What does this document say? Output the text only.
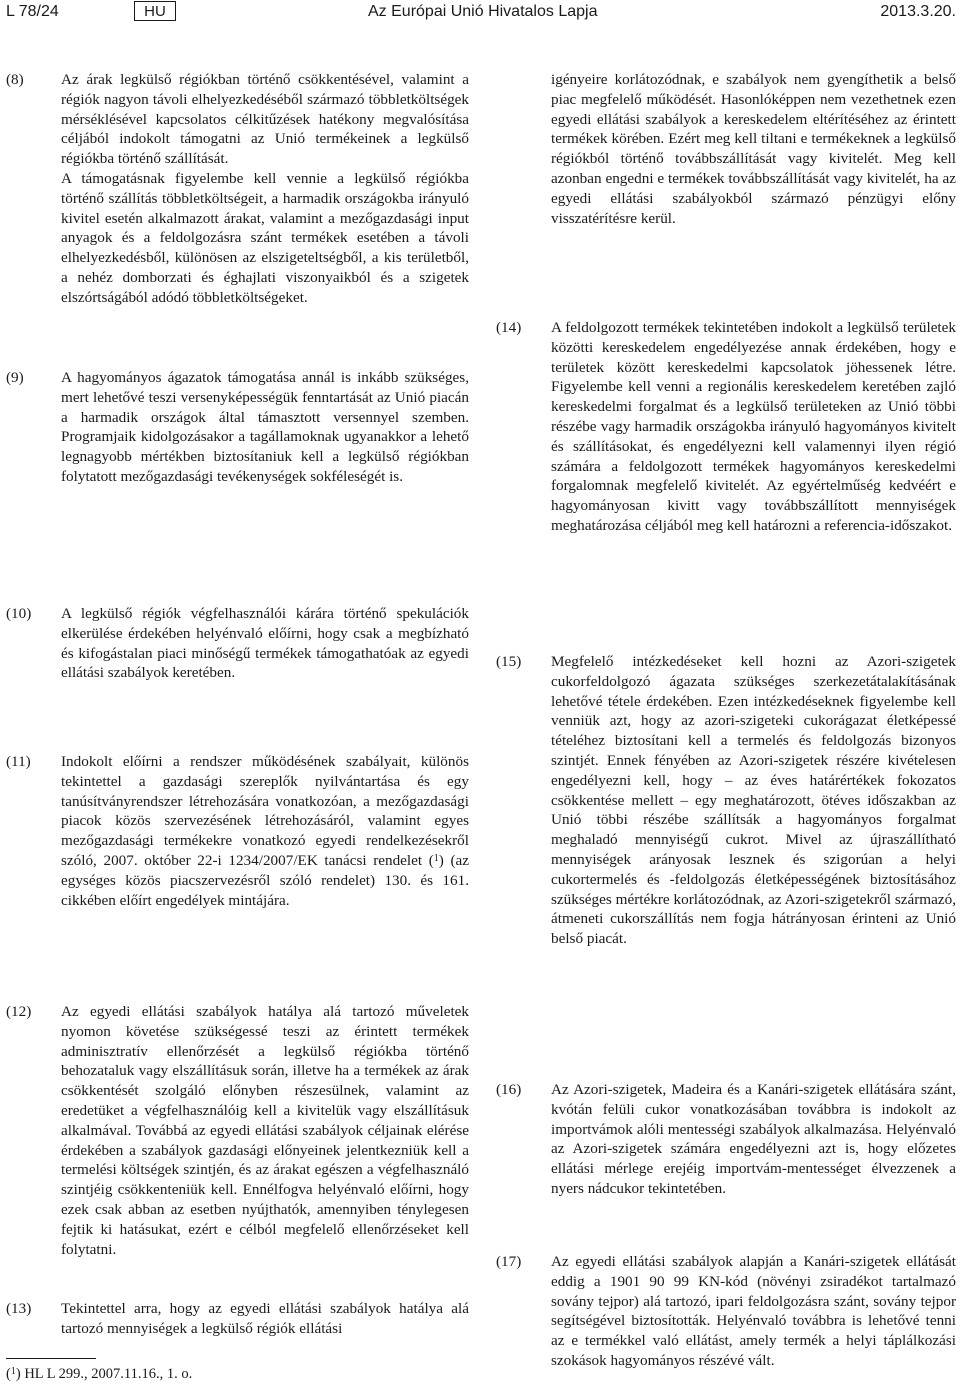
L 78/24	HU	Az Európai Unió Hivatalos Lapja	2013.3.20.
(8) Az árak legkülső régiókban történő csökkentésével, valamint a régiók nagyon távoli elhelyezkedéséből származó többletköltségek mérséklésével kapcsolatos célkitűzések hatékony megvalósítása céljából indokolt támogatni az Unió termékeinek a legkülső régiókba történő szállítását.

A támogatásnak figyelembe kell vennie a legkülső régiókba történő szállítás többletköltségeit, a harmadik országokba irányuló kivitel esetén alkalmazott árakat, valamint a mezőgazdasági input anyagok és a feldolgozásra szánt termékek esetében a távoli elhelyezkedésből, különösen az elszigeteltségből, a kis területből, a nehéz domborzati és éghajlati viszonyaikból és a szigetek elszórtságából adódó többletköltségeket.

(9) A hagyományos ágazatok támogatása annál is inkább szükséges, mert lehetővé teszi versenyképességük fenntartását az Unió piacán a harmadik országok által támasztott versennyel szemben. Programjaik kidolgozásakor a tagállamoknak ugyanakkor a lehető legnagyobb mértékben biztosítaniuk kell a legkülső régiókban folytatott mezőgazdasági tevékenységek sokféleségét is.

(10) A legkülső régiók végfelhasználói kárára történő spekulációk elkerülése érdekében helyénvaló előírni, hogy csak a megbízható és kifogástalan piaci minőségű termékek támogathatóak az egyedi ellátási szabályok keretében.

(11) Indokolt előírni a rendszer működésének szabályait, különös tekintettel a gazdasági szereplők nyilvántartása és egy tanúsítványrendszer létrehozására vonatkozóan, a mezőgazdasági piacok közös szervezésének létrehozásáról, valamint egyes mezőgazdasági termékekre vonatkozó egyedi rendelkezésekről szóló, 2007. október 22-i 1234/2007/EK tanácsi rendelet ($^1$) (az egységes közös piacszervezésről szóló rendelet) 130. és 161. cikkében előírt engedélyek mintájára.

(12) Az egyedi ellátási szabályok hatálya alá tartozó műveletek nyomon követése szükségessé teszi az érintett termékek adminisztratív ellenőrzését a legkülső régiókba történő behozataluk vagy elszállításuk során, illetve ha a termékek az árak csökkentését szolgáló előnyben részesülnek, valamint az eredetüket a végfelhasználóig kell a kivitelük vagy elszállításuk alkalmával. Továbbá az egyedi ellátási szabályok céljainak elérése érdekében a szabályok gazdasági előnyeinek jelentkezniük kell a termelési költségek szintjén, és az árakat egészen a végfelhasználó szintjéig csökkenteniük kell. Ennélfogva helyénvaló előírni, hogy ezek csak abban az esetben nyújthatók, amennyiben ténylegesen fejtik ki hatásukat, ezért e célból megfelelő ellenőrzéseket kell folytatni.

(13) Tekintettel arra, hogy az egyedi ellátási szabályok hatálya alá tartozó mennyiségek a legkülső régiók ellátási

igényeire korlátozódnak, e szabályok nem gyengíthetik a belső piac megfelelő működését. Hasonlóképpen nem vezethetnek ezen egyedi ellátási szabályok a kereskedelem eltérítéséhez az érintett termékek körében. Ezért meg kell tiltani e termékeknek a legkülső régiókból történő továbbszállítását vagy kivitelét. Meg kell azonban engedni e termékek továbbszállítását vagy kivitelét, ha az egyedi ellátási szabályokból származó pénzügyi előny visszatérítésre kerül.

(14) A feldolgozott termékek tekintetében indokolt a legkülső területek közötti kereskedelem engedélyezése annak érdekében, hogy e területek között kereskedelmi kapcsolatok jöhessenek létre. Figyelembe kell venni a regionális kereskedelem keretében zajló kereskedelmi forgalmat és a legkülső területeken az Unió többi részébe vagy harmadik országokba irányuló hagyományos kivitelt és szállításokat, és engedélyezni kell valamennyi ilyen régió számára a feldolgozott termékek hagyományos kereskedelmi forgalomnak megfelelő kivitelét. Az egyértelműség kedvéért e hagyományosan kivitt vagy továbbszállított mennyiségek meghatározása céljából meg kell határozni a referencia-időszakot.

(15) Megfelelő intézkedéseket kell hozni az Azori-szigetek cukorfeldolgozó ágazata szükséges szerkezetátalakításának lehetővé tétele érdekében. Ezen intézkedéseknek figyelembe kell venniük azt, hogy az azori-szigeteki cukorágazat életképessé tételéhez biztosítani kell a termelés és feldolgozás bizonyos szintjét. Ennek fényében az Azori-szigetek részére kivételesen engedélyezni kell, hogy – az éves határértékek fokozatos csökkentése mellett – egy meghatározott, ötéves időszakban az Unió többi részébe szállítsák a hagyományos forgalmat meghaladó mennyiségű cukrot. Mivel az újraszállítható mennyiségek arányosak lesznek és szigorúan a helyi cukortermelés és -feldolgozás életképességének biztosításához szükséges mértékre korlátozódnak, az Azori-szigetekről származó, átmeneti cukorszállítás nem fogja hátrányosan érinteni az Unió belső piacát.

(16) Az Azori-szigetek, Madeira és a Kanári-szigetek ellátására szánt, kvótán felüli cukor vonatkozásában továbbra is indokolt az importvámok alóli mentességi szabályok alkalmazása. Helyénvaló az Azori-szigetek számára engedélyezni azt is, hogy előzetes ellátási mérlege erejéig importvám-mentességet élvezzenek a nyers nádcukor tekintetében.

(17) Az egyedi ellátási szabályok alapján a Kanári-szigetek ellátását eddig a 1901 90 99 KN-kód (növényi zsiradékot tartalmazó sovány tejpor) alá tartozó, ipari feldolgozásra szánt, sovány tejpor segítségével biztosították. Helyénvaló továbbra is lehetővé tenni az e termékkel való ellátást, amely termék a helyi táplálkozási szokások hagyományos részévé vált.

($^1$) HL L 299., 2007.11.16., 1. o.
